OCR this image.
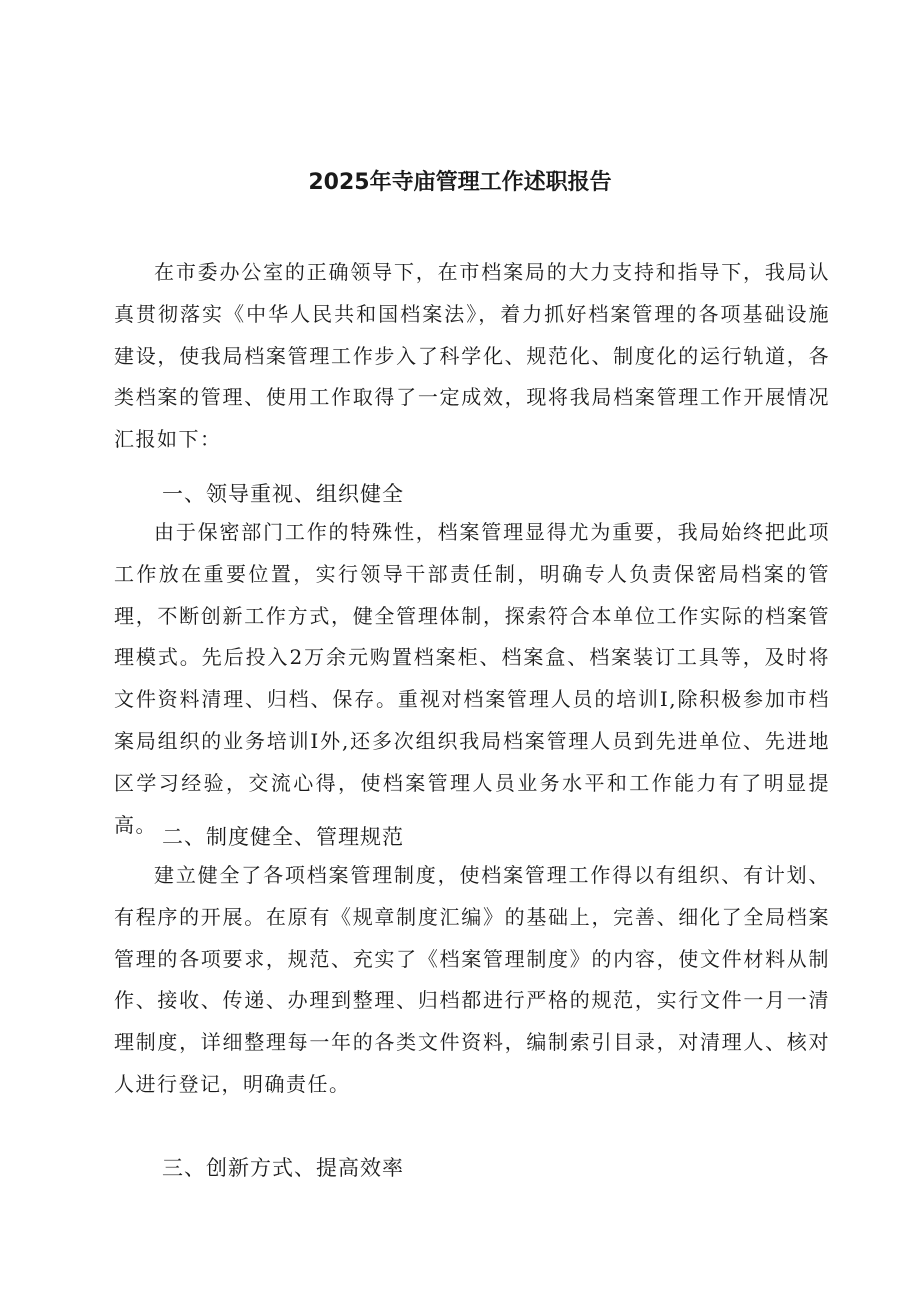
2025年寺庙管理工作述职报告

在市委办公室的正确领导下，在市档案局的大力支持和指导下，我局认真贯彻落实《中华人民共和国档案法》，着力抓好档案管理的各项基础设施建设，使我局档案管理工作步入了科学化、规范化、制度化的运行轨道，各类档案的管理、使用工作取得了一定成效，现将我局档案管理工作开展情况汇报如下：

一、领导重视、组织健全

由于保密部门工作的特殊性，档案管理显得尤为重要，我局始终把此项工作放在重要位置，实行领导干部责任制，明确专人负责保密局档案的管理，不断创新工作方式，健全管理体制，探索符合本单位工作实际的档案管理模式。先后投入2万余元购置档案柜、档案盒、档案装订工具等，及时将文件资料清理、归档、保存。重视对档案管理人员的培训I,除积极参加市档案局组织的业务培训I外,还多次组织我局档案管理人员到先进单位、先进地区学习经验，交流心得，使档案管理人员业务水平和工作能力有了明显提高。

二、制度健全、管理规范

建立健全了各项档案管理制度，使档案管理工作得以有组织、有计划、有程序的开展。在原有《规章制度汇编》的基础上，完善、细化了全局档案管理的各项要求，规范、充实了《档案管理制度》的内容，使文件材料从制作、接收、传递、办理到整理、归档都进行严格的规范，实行文件一月一清理制度，详细整理每一年的各类文件资料，编制索引目录，对清理人、核对人进行登记，明确责任。

三、创新方式、提高效率
